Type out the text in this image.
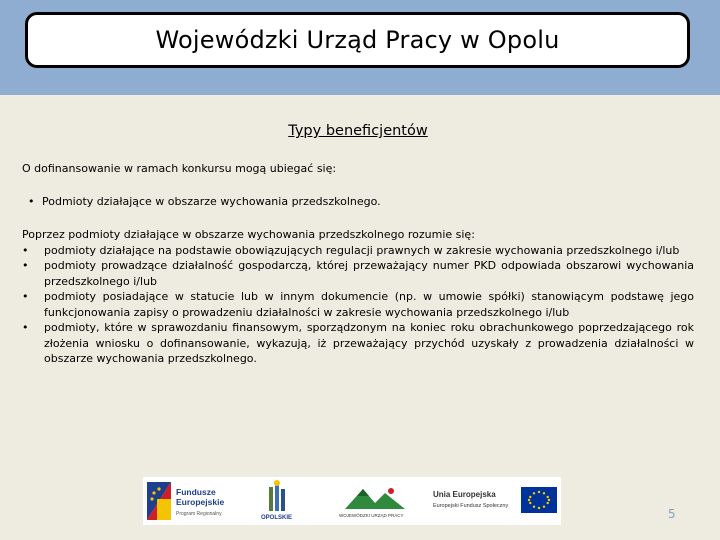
Wojewódzki Urząd Pracy w Opolu
Typy beneficjentów
O dofinansowanie w ramach konkursu mogą ubiegać się:
• Podmioty działające w obszarze wychowania przedszkolnego.
Poprzez podmioty działające w obszarze wychowania przedszkolnego rozumie się:
• podmioty działające na podstawie obowiązujących regulacji prawnych w zakresie wychowania przedszkolnego i/lub
• podmioty prowadzące działalność gospodarczą, której przeważający numer PKD odpowiada obszarowi wychowania przedszkolnego i/lub
• podmioty posiadające w statucie lub w innym dokumencie (np. w umowie spółki) stanowiącym podstawę jego funkcjonowania zapisy o prowadzeniu działalności w zakresie wychowania przedszkolnego i/lub
• podmioty, które w sprawozdaniu finansowym, sporządzonym na koniec roku obrachunkowego poprzedzającego rok złożenia wniosku o dofinansowanie, wykazują, iż przeważający przychód uzyskały z prowadzenia działalności w obszarze wychowania przedszkolnego.
Fundusze
Europejskie
Program Regionalny
OPOLSKIE	WOJEWÓDZKI URZĄD PRACY
Unia Europejska
Europejski Fundusz Społeczny
5
